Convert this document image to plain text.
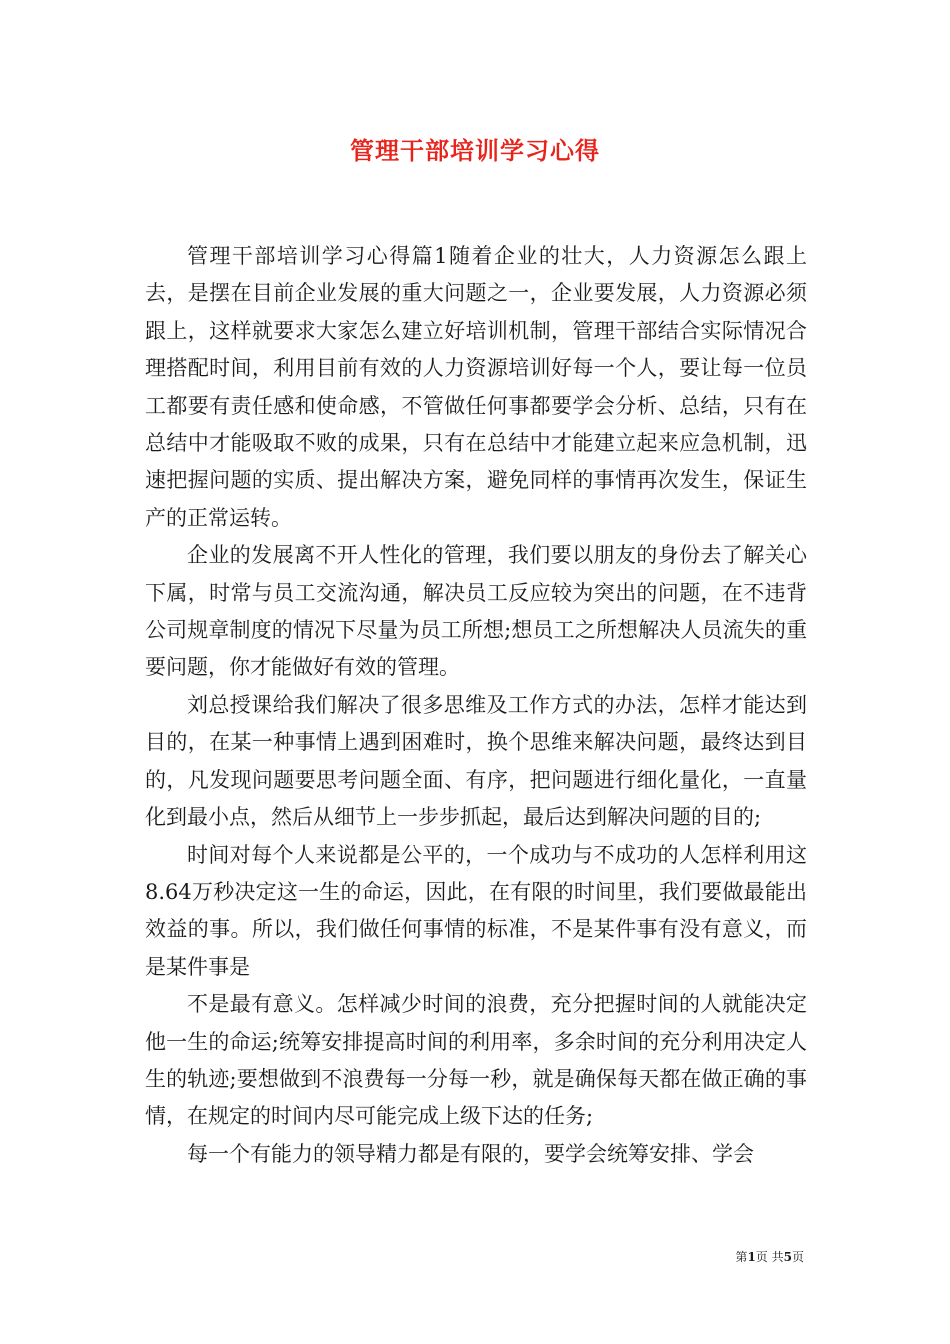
管理干部培训学习心得

管理干部培训学习心得篇1随着企业的壮大，人力资源怎么跟上去，是摆在目前企业发展的重大问题之一，企业要发展，人力资源必须跟上，这样就要求大家怎么建立好培训机制，管理干部结合实际情况合理搭配时间，利用目前有效的人力资源培训好每一个人，要让每一位员工都要有责任感和使命感，不管做任何事都要学会分析、总结，只有在总结中才能吸取不败的成果，只有在总结中才能建立起来应急机制，迅速把握问题的实质、提出解决方案，避免同样的事情再次发生，保证生产的正常运转。

企业的发展离不开人性化的管理，我们要以朋友的身份去了解关心下属，时常与员工交流沟通，解决员工反应较为突出的问题，在不违背公司规章制度的情况下尽量为员工所想;想员工之所想解决人员流失的重要问题，你才能做好有效的管理。

刘总授课给我们解决了很多思维及工作方式的办法，怎样才能达到目的，在某一种事情上遇到困难时，换个思维来解决问题，最终达到目的，凡发现问题要思考问题全面、有序，把问题进行细化量化，一直量化到最小点，然后从细节上一步步抓起，最后达到解决问题的目的;

时间对每个人来说都是公平的，一个成功与不成功的人怎样利用这8.64万秒决定这一生的命运，因此，在有限的时间里，我们要做最能出效益的事。所以，我们做任何事情的标准，不是某件事有没有意义，而是某件事是

不是最有意义。怎样减少时间的浪费，充分把握时间的人就能决定他一生的命运;统筹安排提高时间的利用率，多余时间的充分利用决定人生的轨迹;要想做到不浪费每一分每一秒，就是确保每天都在做正确的事情，在规定的时间内尽可能完成上级下达的任务;

每一个有能力的领导精力都是有限的，要学会统筹安排、学会

第1页 共5页
